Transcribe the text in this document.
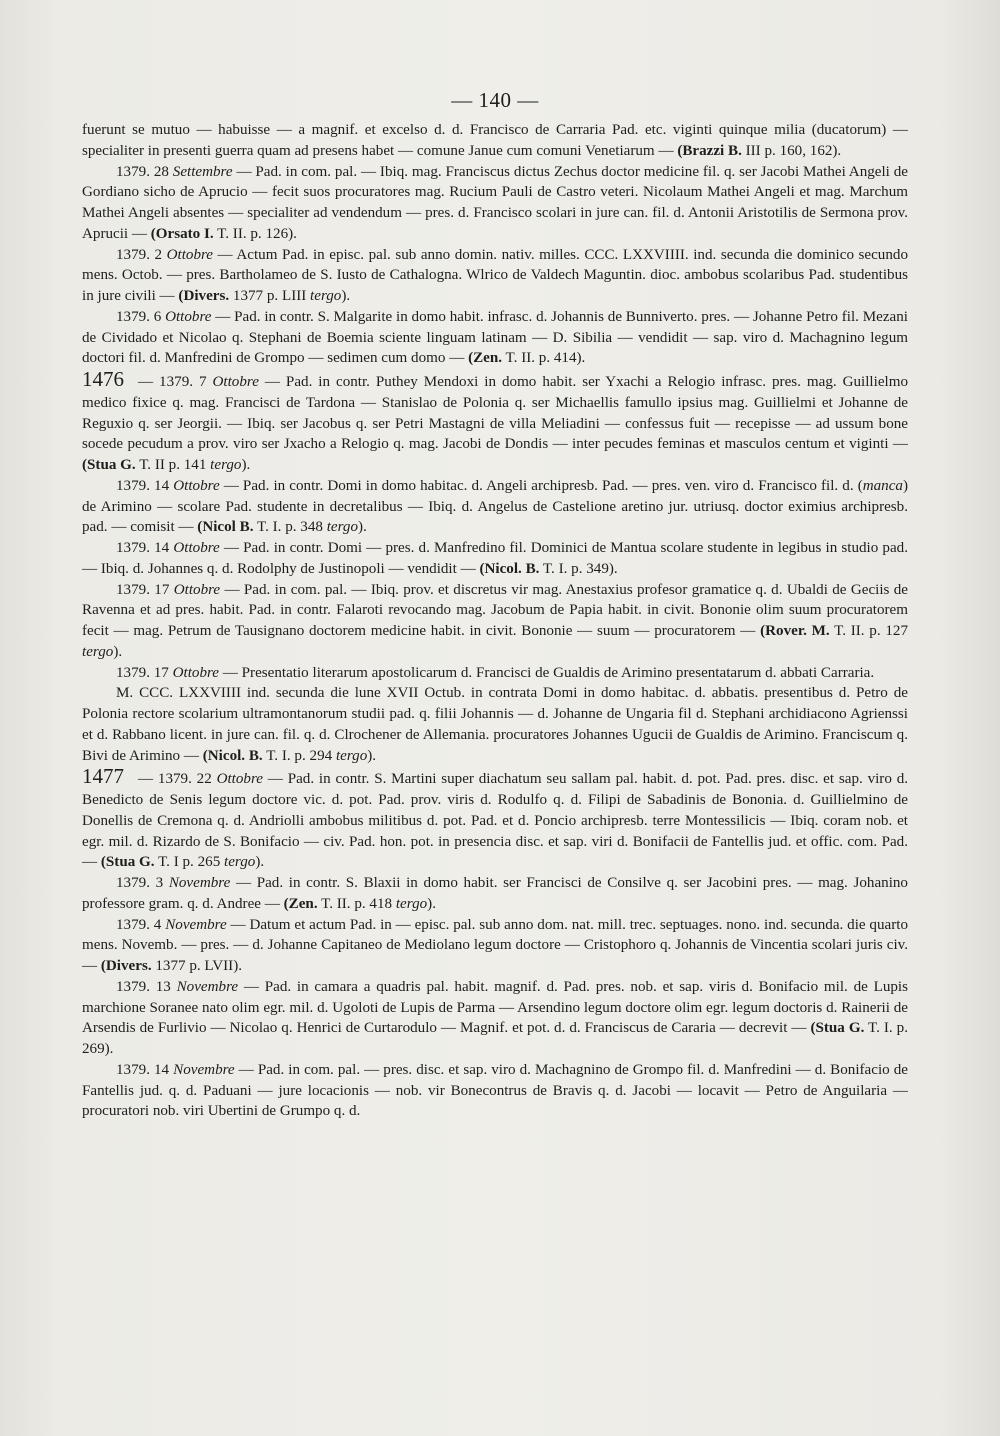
— 140 —

fuerunt se mutuo — habuisse — a magnif. et excelso d. d. Francisco de Carraria Pad. etc. viginti quinque milia (ducatorum) — specialiter in presenti guerra quam ad presens habet — comune Janue cum comuni Venetiarum — (Brazzi B. III p. 160, 162).

1379. 28 Settembre — Pad. in com. pal. — Ibiq. mag. Franciscus dictus Zechus doctor medicine fil. q. ser Jacobi Mathei Angeli de Gordiano sicho de Aprucio — fecit suos procuratores mag. Rucium Pauli de Castro veteri. Nicolaum Mathei Angeli et mag. Marchum Mathei Angeli absentes — specialiter ad vendendum — pres. d. Francisco scolari in jure can. fil. d. Antonii Aristotilis de Sermona prov. Aprucii — (Orsato I. T. II. p. 126).

1379. 2 Ottobre — Actum Pad. in episc. pal. sub anno domin. nativ. milles. CCC. LXXVIIII. ind. secunda die dominico secundo mens. Octob. — pres. Bartholameo de S. Iusto de Cathalogna. Wlrico de Valdech Maguntin. dioc. ambobus scolaribus Pad. studentibus in jure civili — (Divers. 1377 p. LIII tergo).

1379. 6 Ottobre — Pad. in contr. S. Malgarite in domo habit. infrasc. d. Johannis de Bunniverto. pres. — Johanne Petro fil. Mezani de Cividado et Nicolao q. Stephani de Boemia sciente linguam latinam — D. Sibilia — vendidit — sap. viro d. Machagnino legum doctori fil. d. Manfredini de Grompo — sedimen cum domo — (Zen. T. II. p. 414).

1476 — 1379. 7 Ottobre — Pad. in contr. Puthey Mendoxi in domo habit. ser Yxachi a Relogio infrasc. pres. mag. Guillielmo medico fixice q. mag. Francisci de Tardona — Stanislao de Polonia q. ser Michaellis famullo ipsius mag. Guillielmi et Johanne de Reguxio q. ser Jeorgii. — Ibiq. ser Jacobus q. ser Petri Mastagni de villa Meliadini — confessus fuit — recepisse — ad ussum bone socede pecudum a prov. viro ser Jxacho a Relogio q. mag. Jacobi de Dondis — inter pecudes feminas et masculos centum et viginti — (Stua G. T. II p. 141 tergo).

1379. 14 Ottobre — Pad. in contr. Domi in domo habitac. d. Angeli archipresb. Pad. — pres. ven. viro d. Francisco fil. d. (manca) de Arimino — scolare Pad. studente in decretalibus — Ibiq. d. Angelus de Castelione aretino jur. utriusq. doctor eximius archipresb. pad. — comisit — (Nicol B. T. I. p. 348 tergo).

1379. 14 Ottobre — Pad. in contr. Domi — pres. d. Manfredino fil. Dominici de Mantua scolare studente in legibus in studio pad. — Ibiq. d. Johannes q. d. Rodolphy de Justinopoli — vendidit — (Nicol. B. T. I. p. 349).

1379. 17 Ottobre — Pad. in com. pal. — Ibiq. prov. et discretus vir mag. Anestaxius profesor gramatice q. d. Ubaldi de Geciis de Ravenna et ad pres. habit. Pad. in contr. Falaroti revocando mag. Jacobum de Papia habit. in civit. Bononie olim suum procuratorem fecit — mag. Petrum de Tausignano doctorem medicine habit. in civit. Bononie — suum — procuratorem — (Rover. M. T. II. p. 127 tergo).

1379. 17 Ottobre — Presentatio literarum apostolicarum d. Francisci de Gualdis de Arimino presentatarum d. abbati Carraria.

M. CCC. LXXVIIII ind. secunda die lune XVII Octub. in contrata Domi in domo habitac. d. abbatis. presentibus d. Petro de Polonia rectore scolarium ultramontanorum studii pad. q. filii Johannis — d. Johanne de Ungaria fil d. Stephani archidiacono Agrienssi et d. Rabbano licent. in jure can. fil. q. d. Clrochener de Allemania. procuratores Johannes Ugucii de Gualdis de Arimino. Franciscum q. Bivi de Arimino — (Nicol. B. T. I. p. 294 tergo).

1477 — 1379. 22 Ottobre — Pad. in contr. S. Martini super diachatum seu sallam pal. habit. d. pot. Pad. pres. disc. et sap. viro d. Benedicto de Senis legum doctore vic. d. pot. Pad. prov. viris d. Rodulfo q. d. Filipi de Sabadinis de Bononia. d. Guillielmino de Donellis de Cremona q. d. Andriolli ambobus militibus d. pot. Pad. et d. Poncio archipresb. terre Montessilicis — Ibiq. coram nob. et egr. mil. d. Rizardo de S. Bonifacio — civ. Pad. hon. pot. in presencia disc. et sap. viri d. Bonifacii de Fantellis jud. et offic. com. Pad. — (Stua G. T. I p. 265 tergo).

1379. 3 Novembre — Pad. in contr. S. Blaxii in domo habit. ser Francisci de Consilve q. ser Jacobini pres. — mag. Johanino professore gram. q. d. Andree — (Zen. T. II. p. 418 tergo).

1379. 4 Novembre — Datum et actum Pad. in — episc. pal. sub anno dom. nat. mill. trec. septuages. nono. ind. secunda. die quarto mens. Novemb. — pres. — d. Johanne Capitaneo de Mediolano legum doctore — Cristophoro q. Johannis de Vincentia scolari juris civ. — (Divers. 1377 p. LVII).

1379. 13 Novembre — Pad. in camara a quadris pal. habit. magnif. d. Pad. pres. nob. et sap. viris d. Bonifacio mil. de Lupis marchione Soranee nato olim egr. mil. d. Ugoloti de Lupis de Parma — Arsendino legum doctore olim egr. legum doctoris d. Rainerii de Arsendis de Furlivio — Nicolao q. Henrici de Curtarodulo — Magnif. et pot. d. d. Franciscus de Cararia — decrevit — (Stua G. T. I. p. 269).

1379. 14 Novembre — Pad. in com. pal. — pres. disc. et sap. viro d. Machagnino de Grompo fil. d. Manfredini — d. Bonifacio de Fantellis jud. q. d. Paduani — jure locacionis — nob. vir Bonecontrus de Bravis q. d. Jacobi — locavit — Petro de Anguilaria — procuratori nob. viri Ubertini de Grumpo q. d.
